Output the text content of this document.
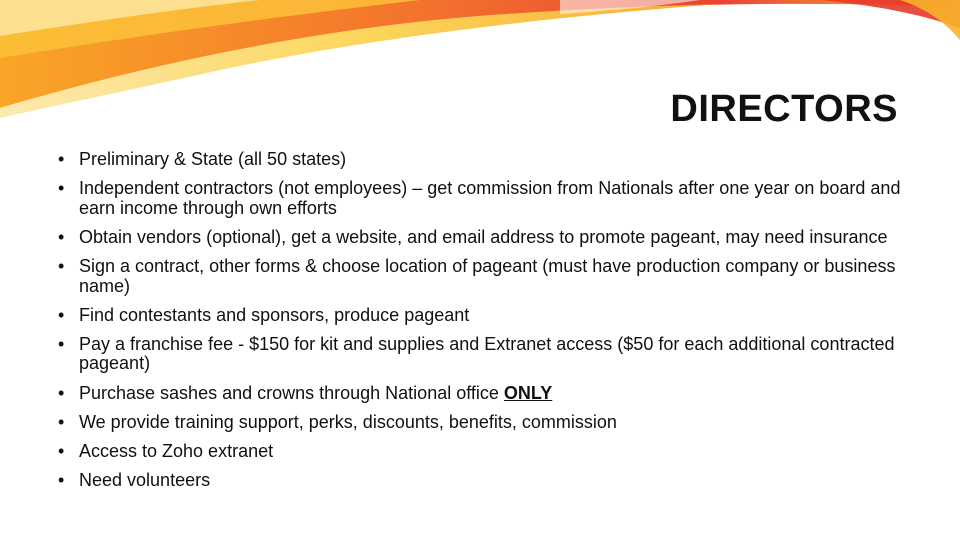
DIRECTORS
• Preliminary & State (all 50 states)
• Independent contractors (not employees) – get commission from Nationals after one year on board and earn income through own efforts
• Obtain vendors (optional), get a website, and email address to promote pageant, may need insurance
• Sign a contract, other forms & choose location of pageant (must have production company or business name)
• Find contestants and sponsors, produce pageant
• Pay a franchise fee - $150 for kit and supplies and Extranet access ($50 for each additional contracted pageant)
• Purchase sashes and crowns through National office ONLY
• We provide training support, perks, discounts, benefits, commission
• Access to Zoho extranet
• Need volunteers
